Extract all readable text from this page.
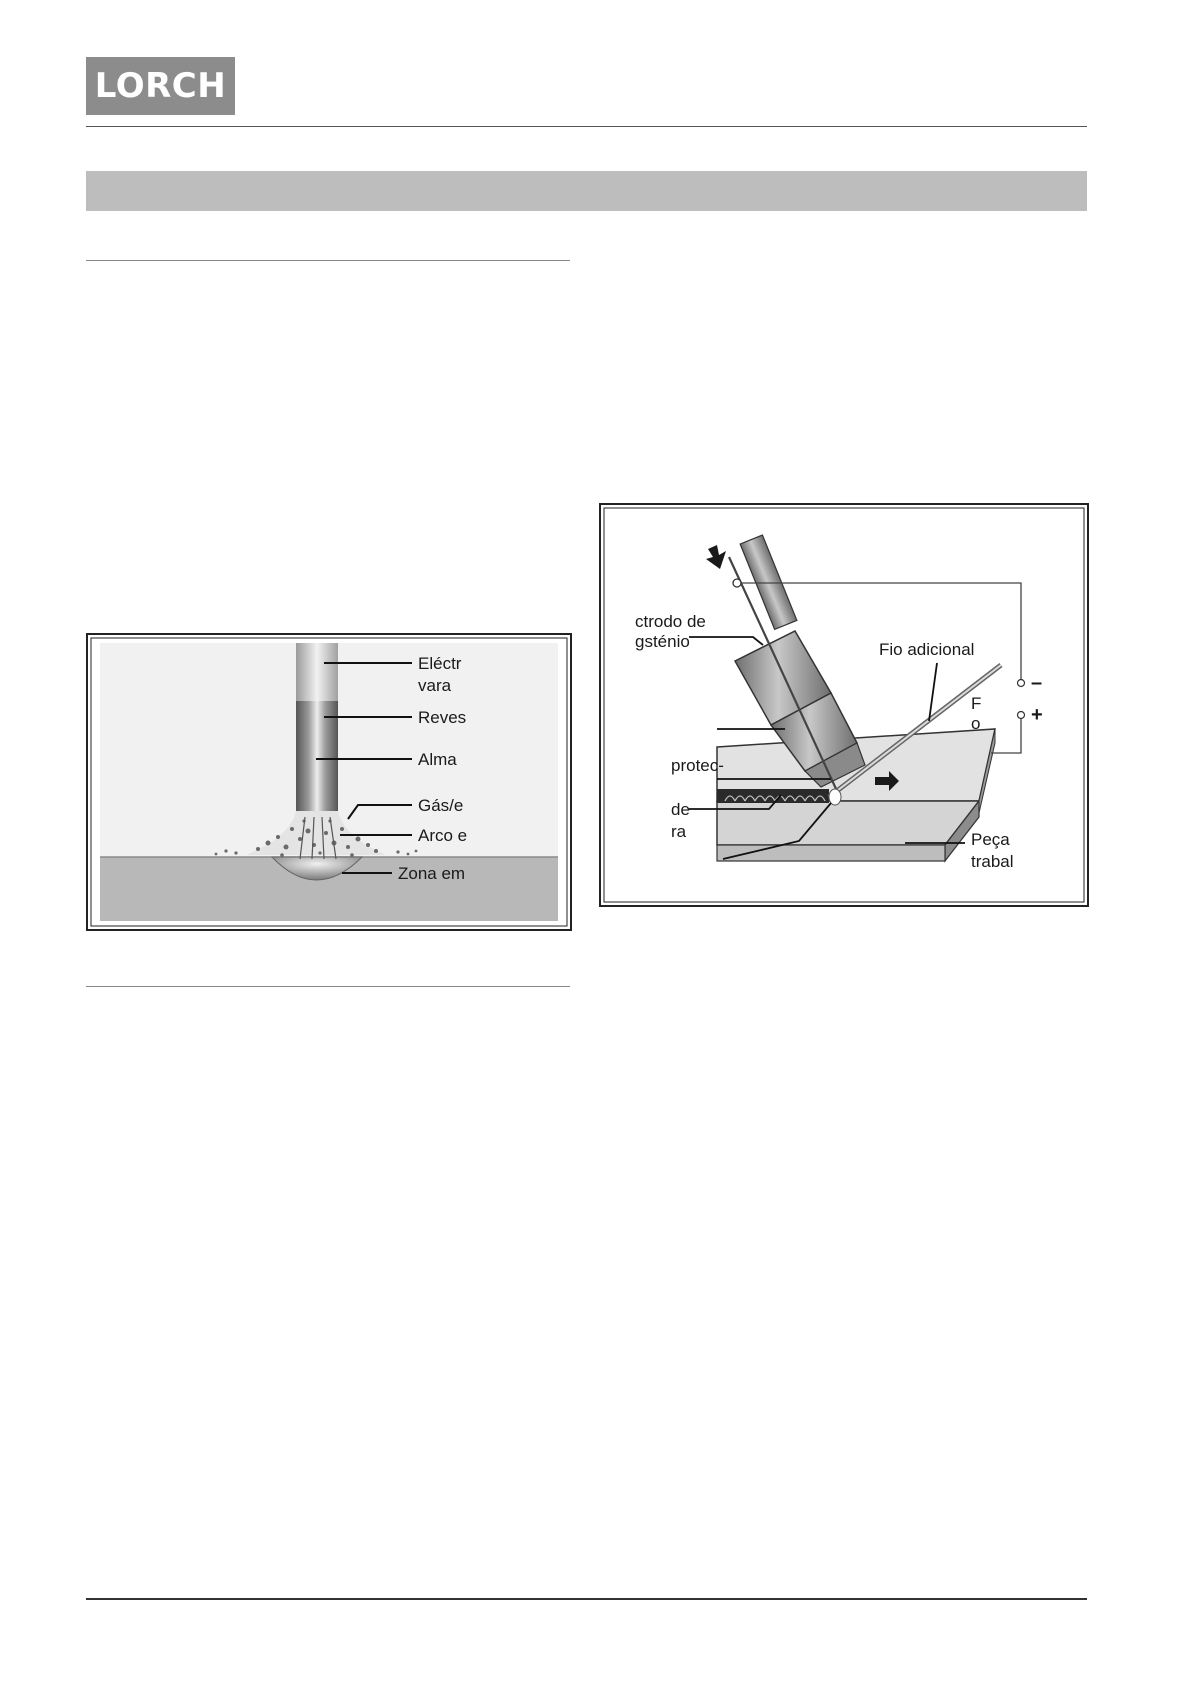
LORCH
Eléctr
vara
Reves
Alma
Gás/e
Arco e
Zona em
ctrodo de
gsténio	Fio adicional
F
o
–
+
protec-
de
ra	Peça
trabal
